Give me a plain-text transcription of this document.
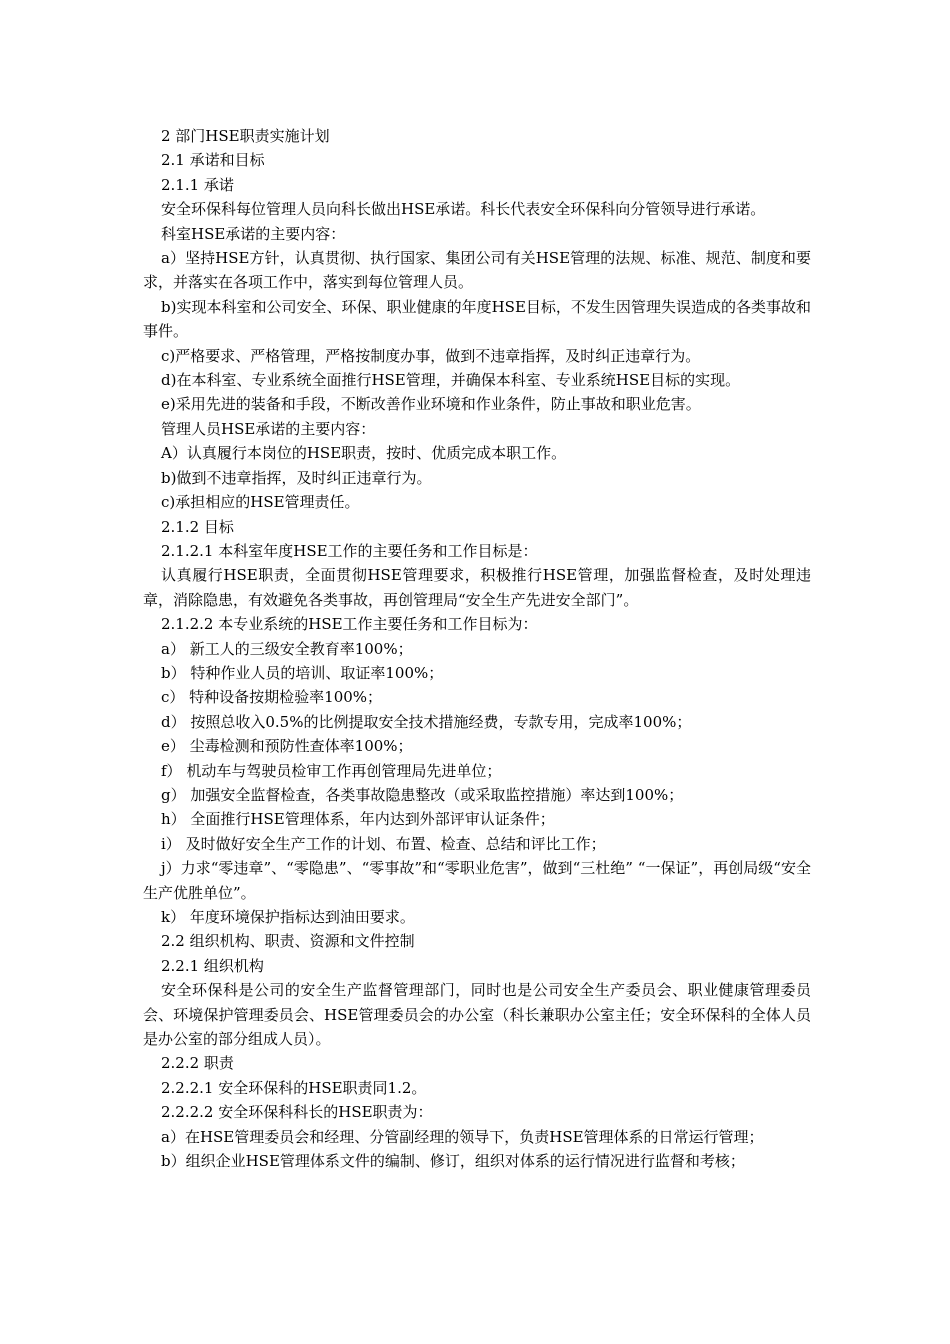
2 部门HSE职责实施计划

2.1 承诺和目标

2.1.1 承诺

安全环保科每位管理人员向科长做出HSE承诺。科长代表安全环保科向分管领导进行承诺。

科室HSE承诺的主要内容：

a）坚持HSE方针，认真贯彻、执行国家、集团公司有关HSE管理的法规、标准、规范、制度和要求，并落实在各项工作中，落实到每位管理人员。

b)实现本科室和公司安全、环保、职业健康的年度HSE目标，不发生因管理失误造成的各类事故和事件。

c)严格要求、严格管理，严格按制度办事，做到不违章指挥，及时纠正违章行为。

d)在本科室、专业系统全面推行HSE管理，并确保本科室、专业系统HSE目标的实现。

e)采用先进的装备和手段，不断改善作业环境和作业条件，防止事故和职业危害。

管理人员HSE承诺的主要内容：

A）认真履行本岗位的HSE职责，按时、优质完成本职工作。

b)做到不违章指挥，及时纠正违章行为。

c)承担相应的HSE管理责任。

2.1.2 目标

2.1.2.1 本科室年度HSE工作的主要任务和工作目标是：

认真履行HSE职责，全面贯彻HSE管理要求，积极推行HSE管理，加强监督检查，及时处理违章，消除隐患，有效避免各类事故，再创管理局“安全生产先进安全部门”。

2.1.2.2 本专业系统的HSE工作主要任务和工作目标为：

a） 新工人的三级安全教育率100%；

b） 特种作业人员的培训、取证率100%；

c） 特种设备按期检验率100%；

d） 按照总收入0.5%的比例提取安全技术措施经费，专款专用，完成率100%；

e） 尘毒检测和预防性查体率100%；

f） 机动车与驾驶员检审工作再创管理局先进单位；

g） 加强安全监督检查，各类事故隐患整改（或采取监控措施）率达到100%；

h） 全面推行HSE管理体系，年内达到外部评审认证条件；

i） 及时做好安全生产工作的计划、布置、检查、总结和评比工作；

j）力求“零违章”、“零隐患”、“零事故”和“零职业危害”，做到“三杜绝” “一保证”，再创局级“安全生产优胜单位”。

k） 年度环境保护指标达到油田要求。

2.2 组织机构、职责、资源和文件控制

2.2.1 组织机构

安全环保科是公司的安全生产监督管理部门，同时也是公司安全生产委员会、职业健康管理委员会、环境保护管理委员会、HSE管理委员会的办公室（科长兼职办公室主任；安全环保科的全体人员是办公室的部分组成人员）。

2.2.2 职责

2.2.2.1 安全环保科的HSE职责同1.2。

2.2.2.2 安全环保科科长的HSE职责为：

a）在HSE管理委员会和经理、分管副经理的领导下，负责HSE管理体系的日常运行管理；

b）组织企业HSE管理体系文件的编制、修订，组织对体系的运行情况进行监督和考核；
